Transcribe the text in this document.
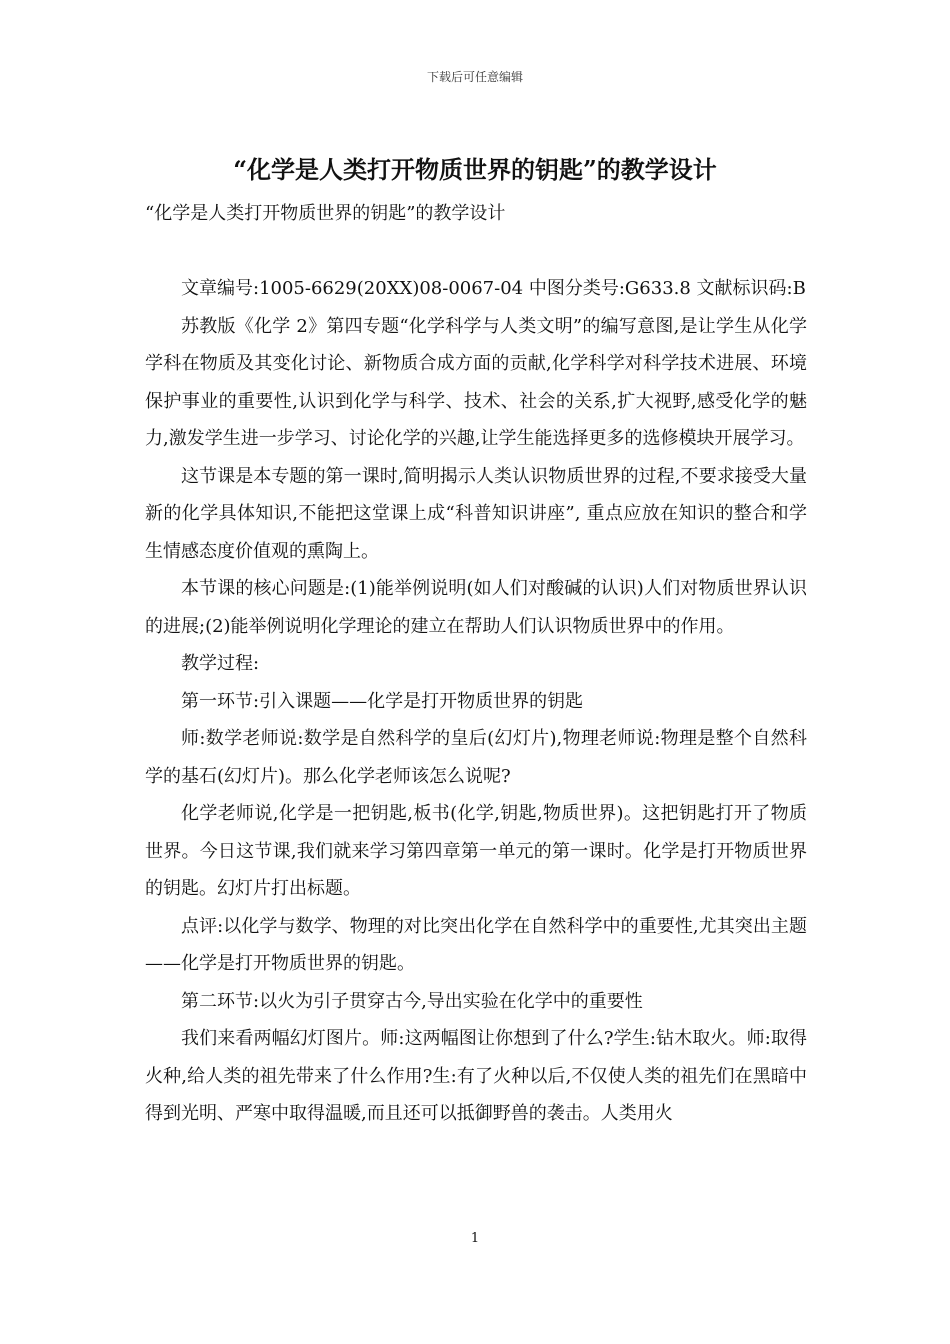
下载后可任意编辑
“化学是人类打开物质世界的钥匙”的教学设计
“化学是人类打开物质世界的钥匙”的教学设计

文章编号:1005-6629(20XX)08-0067-04 中图分类号:G633.8 文献标识码:B

苏教版《化学 2》第四专题“化学科学与人类文明”的编写意图,是让学生从化学学科在物质及其变化讨论、新物质合成方面的贡献,化学科学对科学技术进展、环境保护事业的重要性,认识到化学与科学、技术、社会的关系,扩大视野,感受化学的魅力,激发学生进一步学习、讨论化学的兴趣,让学生能选择更多的选修模块开展学习。

这节课是本专题的第一课时,简明揭示人类认识物质世界的过程,不要求接受大量新的化学具体知识,不能把这堂课上成“科普知识讲座”, 重点应放在知识的整合和学生情感态度价值观的熏陶上。

本节课的核心问题是:(1)能举例说明(如人们对酸碱的认识)人们对物质世界认识的进展;(2)能举例说明化学理论的建立在帮助人们认识物质世界中的作用。

教学过程:

第一环节:引入课题——化学是打开物质世界的钥匙

师:数学老师说:数学是自然科学的皇后(幻灯片),物理老师说:物理是整个自然科学的基石(幻灯片)。那么化学老师该怎么说呢?

化学老师说,化学是一把钥匙,板书(化学,钥匙,物质世界)。这把钥匙打开了物质世界。今日这节课,我们就来学习第四章第一单元的第一课时。化学是打开物质世界的钥匙。幻灯片打出标题。

点评:以化学与数学、物理的对比突出化学在自然科学中的重要性,尤其突出主题——化学是打开物质世界的钥匙。

第二环节:以火为引子贯穿古今,导出实验在化学中的重要性

我们来看两幅幻灯图片。师:这两幅图让你想到了什么?学生:钻木取火。师:取得火种,给人类的祖先带来了什么作用?生:有了火种以后,不仅使人类的祖先们在黑暗中得到光明、严寒中取得温暖,而且还可以抵御野兽的袭击。人类用火

1
